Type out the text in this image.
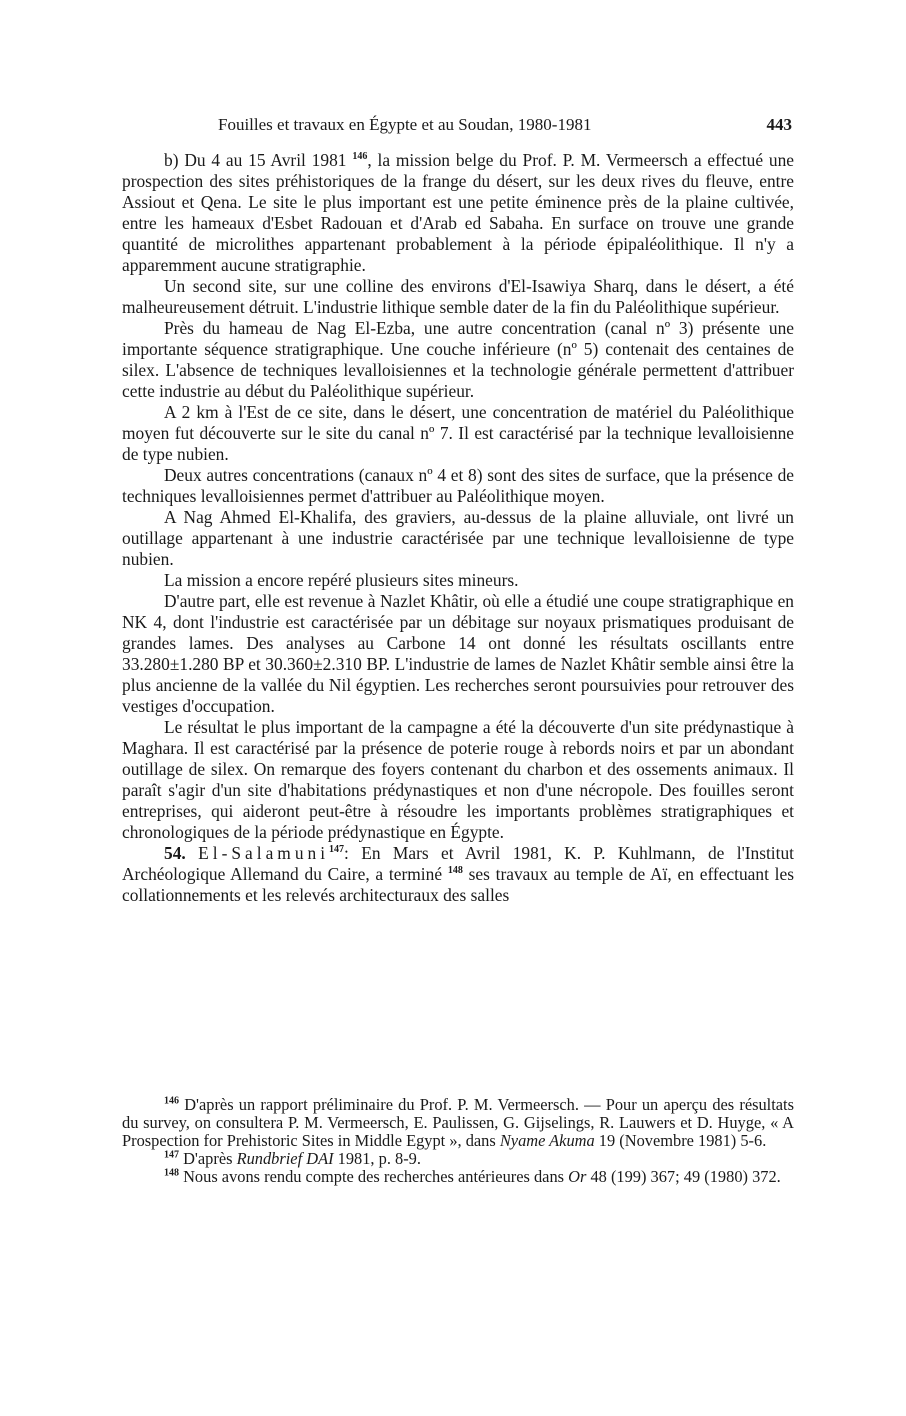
Fouilles et travaux en Égypte et au Soudan, 1980-1981	443

b) Du 4 au 15 Avril 1981 $^{146}$, la mission belge du Prof. P. M. Vermeersch a effectué une prospection des sites préhistoriques de la frange du désert, sur les deux rives du fleuve, entre Assiout et Qena. Le site le plus important est une petite éminence près de la plaine cultivée, entre les hameaux d'Esbet Radouan et d'Arab ed Sabaha. En surface on trouve une grande quantité de microlithes appartenant probablement à la période épipaléolithique. Il n'y a apparemment aucune stratigraphie.

Un second site, sur une colline des environs d'El-Isawiya Sharq, dans le désert, a été malheureusement détruit. L'industrie lithique semble dater de la fin du Paléolithique supérieur.

Près du hameau de Nag El-Ezba, une autre concentration (canal nº 3) présente une importante séquence stratigraphique. Une couche inférieure (nº 5) contenait des centaines de silex. L'absence de techniques levalloisiennes et la technologie générale permettent d'attribuer cette industrie au début du Paléolithique supérieur.

A 2 km à l'Est de ce site, dans le désert, une concentration de matériel du Paléolithique moyen fut découverte sur le site du canal nº 7. Il est caractérisé par la technique levalloisienne de type nubien.

Deux autres concentrations (canaux nº 4 et 8) sont des sites de surface, que la présence de techniques levalloisiennes permet d'attribuer au Paléolithique moyen.

A Nag Ahmed El-Khalifa, des graviers, au-dessus de la plaine alluviale, ont livré un outillage appartenant à une industrie caractérisée par une technique levalloisienne de type nubien.

La mission a encore repéré plusieurs sites mineurs.

D'autre part, elle est revenue à Nazlet Khâtir, où elle a étudié une coupe stratigraphique en NK 4, dont l'industrie est caractérisée par un débitage sur noyaux prismatiques produisant de grandes lames. Des analyses au Carbone 14 ont donné les résultats oscillants entre 33.280±1.280 BP et 30.360±2.310 BP. L'industrie de lames de Nazlet Khâtir semble ainsi être la plus ancienne de la vallée du Nil égyptien. Les recherches seront poursuivies pour retrouver des vestiges d'occupation.

Le résultat le plus important de la campagne a été la découverte d'un site prédynastique à Maghara. Il est caractérisé par la présence de poterie rouge à rebords noirs et par un abondant outillage de silex. On remarque des foyers contenant du charbon et des ossements animaux. Il paraît s'agir d'un site d'habitations prédynastiques et non d'une nécropole. Des fouilles seront entreprises, qui aideront peut-être à résoudre les importants problèmes stratigraphiques et chronologiques de la période prédynastique en Égypte.

54. El-Salamuni$^{147}$: En Mars et Avril 1981, K. P. Kuhlmann, de l'Institut Archéologique Allemand du Caire, a terminé $^{148}$ ses travaux au temple de Aï, en effectuant les collationnements et les relevés architecturaux des salles

$^{146}$ D'après un rapport préliminaire du Prof. P. M. Vermeersch. — Pour un aperçu des résultats du survey, on consultera P. M. Vermeersch, E. Paulissen, G. Gijselings, R. Lauwers et D. Huyge, « A Prospection for Prehistoric Sites in Middle Egypt », dans Nyame Akuma 19 (Novembre 1981) 5-6.

$^{147}$ D'après Rundbrief DAI 1981, p. 8-9.

$^{148}$ Nous avons rendu compte des recherches antérieures dans Or 48 (199) 367; 49 (1980) 372.
